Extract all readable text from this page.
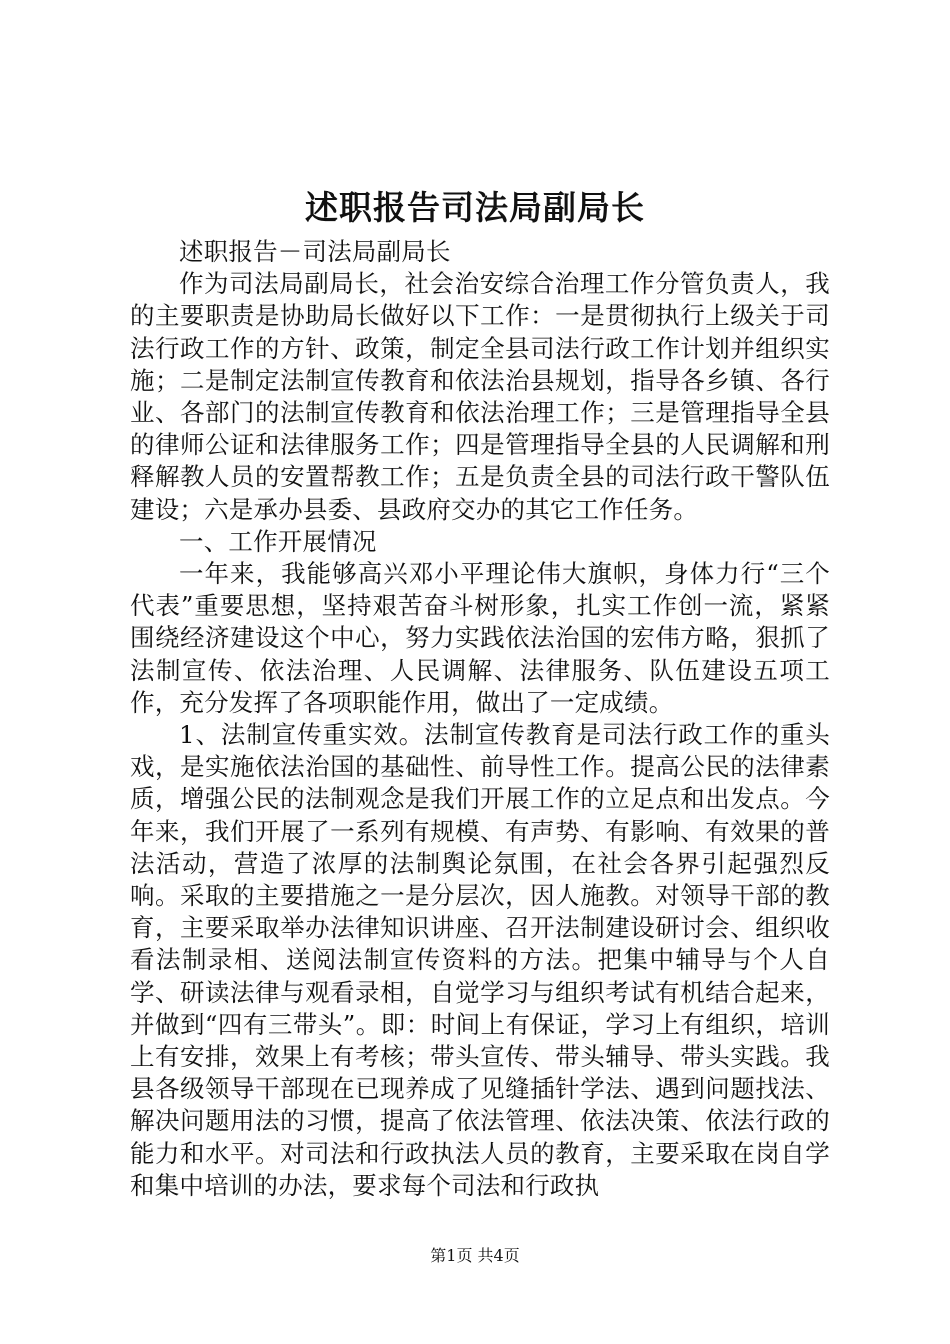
述职报告司法局副局长

述职报告－司法局副局长

作为司法局副局长，社会治安综合治理工作分管负责人，我的主要职责是协助局长做好以下工作：一是贯彻执行上级关于司法行政工作的方针、政策，制定全县司法行政工作计划并组织实施；二是制定法制宣传教育和依法治县规划，指导各乡镇、各行业、各部门的法制宣传教育和依法治理工作；三是管理指导全县的律师公证和法律服务工作；四是管理指导全县的人民调解和刑释解教人员的安置帮教工作；五是负责全县的司法行政干警队伍建设；六是承办县委、县政府交办的其它工作任务。

一、工作开展情况

一年来，我能够高兴邓小平理论伟大旗帜，身体力行“三个代表”重要思想，坚持艰苦奋斗树形象，扎实工作创一流，紧紧围绕经济建设这个中心，努力实践依法治国的宏伟方略，狠抓了法制宣传、依法治理、人民调解、法律服务、队伍建设五项工作，充分发挥了各项职能作用，做出了一定成绩。

1、法制宣传重实效。法制宣传教育是司法行政工作的重头戏，是实施依法治国的基础性、前导性工作。提高公民的法律素质，增强公民的法制观念是我们开展工作的立足点和出发点。今年来，我们开展了一系列有规模、有声势、有影响、有效果的普法活动，营造了浓厚的法制舆论氛围，在社会各界引起强烈反响。采取的主要措施之一是分层次，因人施教。对领导干部的教育，主要采取举办法律知识讲座、召开法制建设研讨会、组织收看法制录相、送阅法制宣传资料的方法。把集中辅导与个人自学、研读法律与观看录相，自觉学习与组织考试有机结合起来，并做到“四有三带头”。即：时间上有保证，学习上有组织，培训上有安排，效果上有考核；带头宣传、带头辅导、带头实践。我县各级领导干部现在已现养成了见缝插针学法、遇到问题找法、解决问题用法的习惯，提高了依法管理、依法决策、依法行政的能力和水平。对司法和行政执法人员的教育，主要采取在岗自学和集中培训的办法，要求每个司法和行政执

第1页 共4页
